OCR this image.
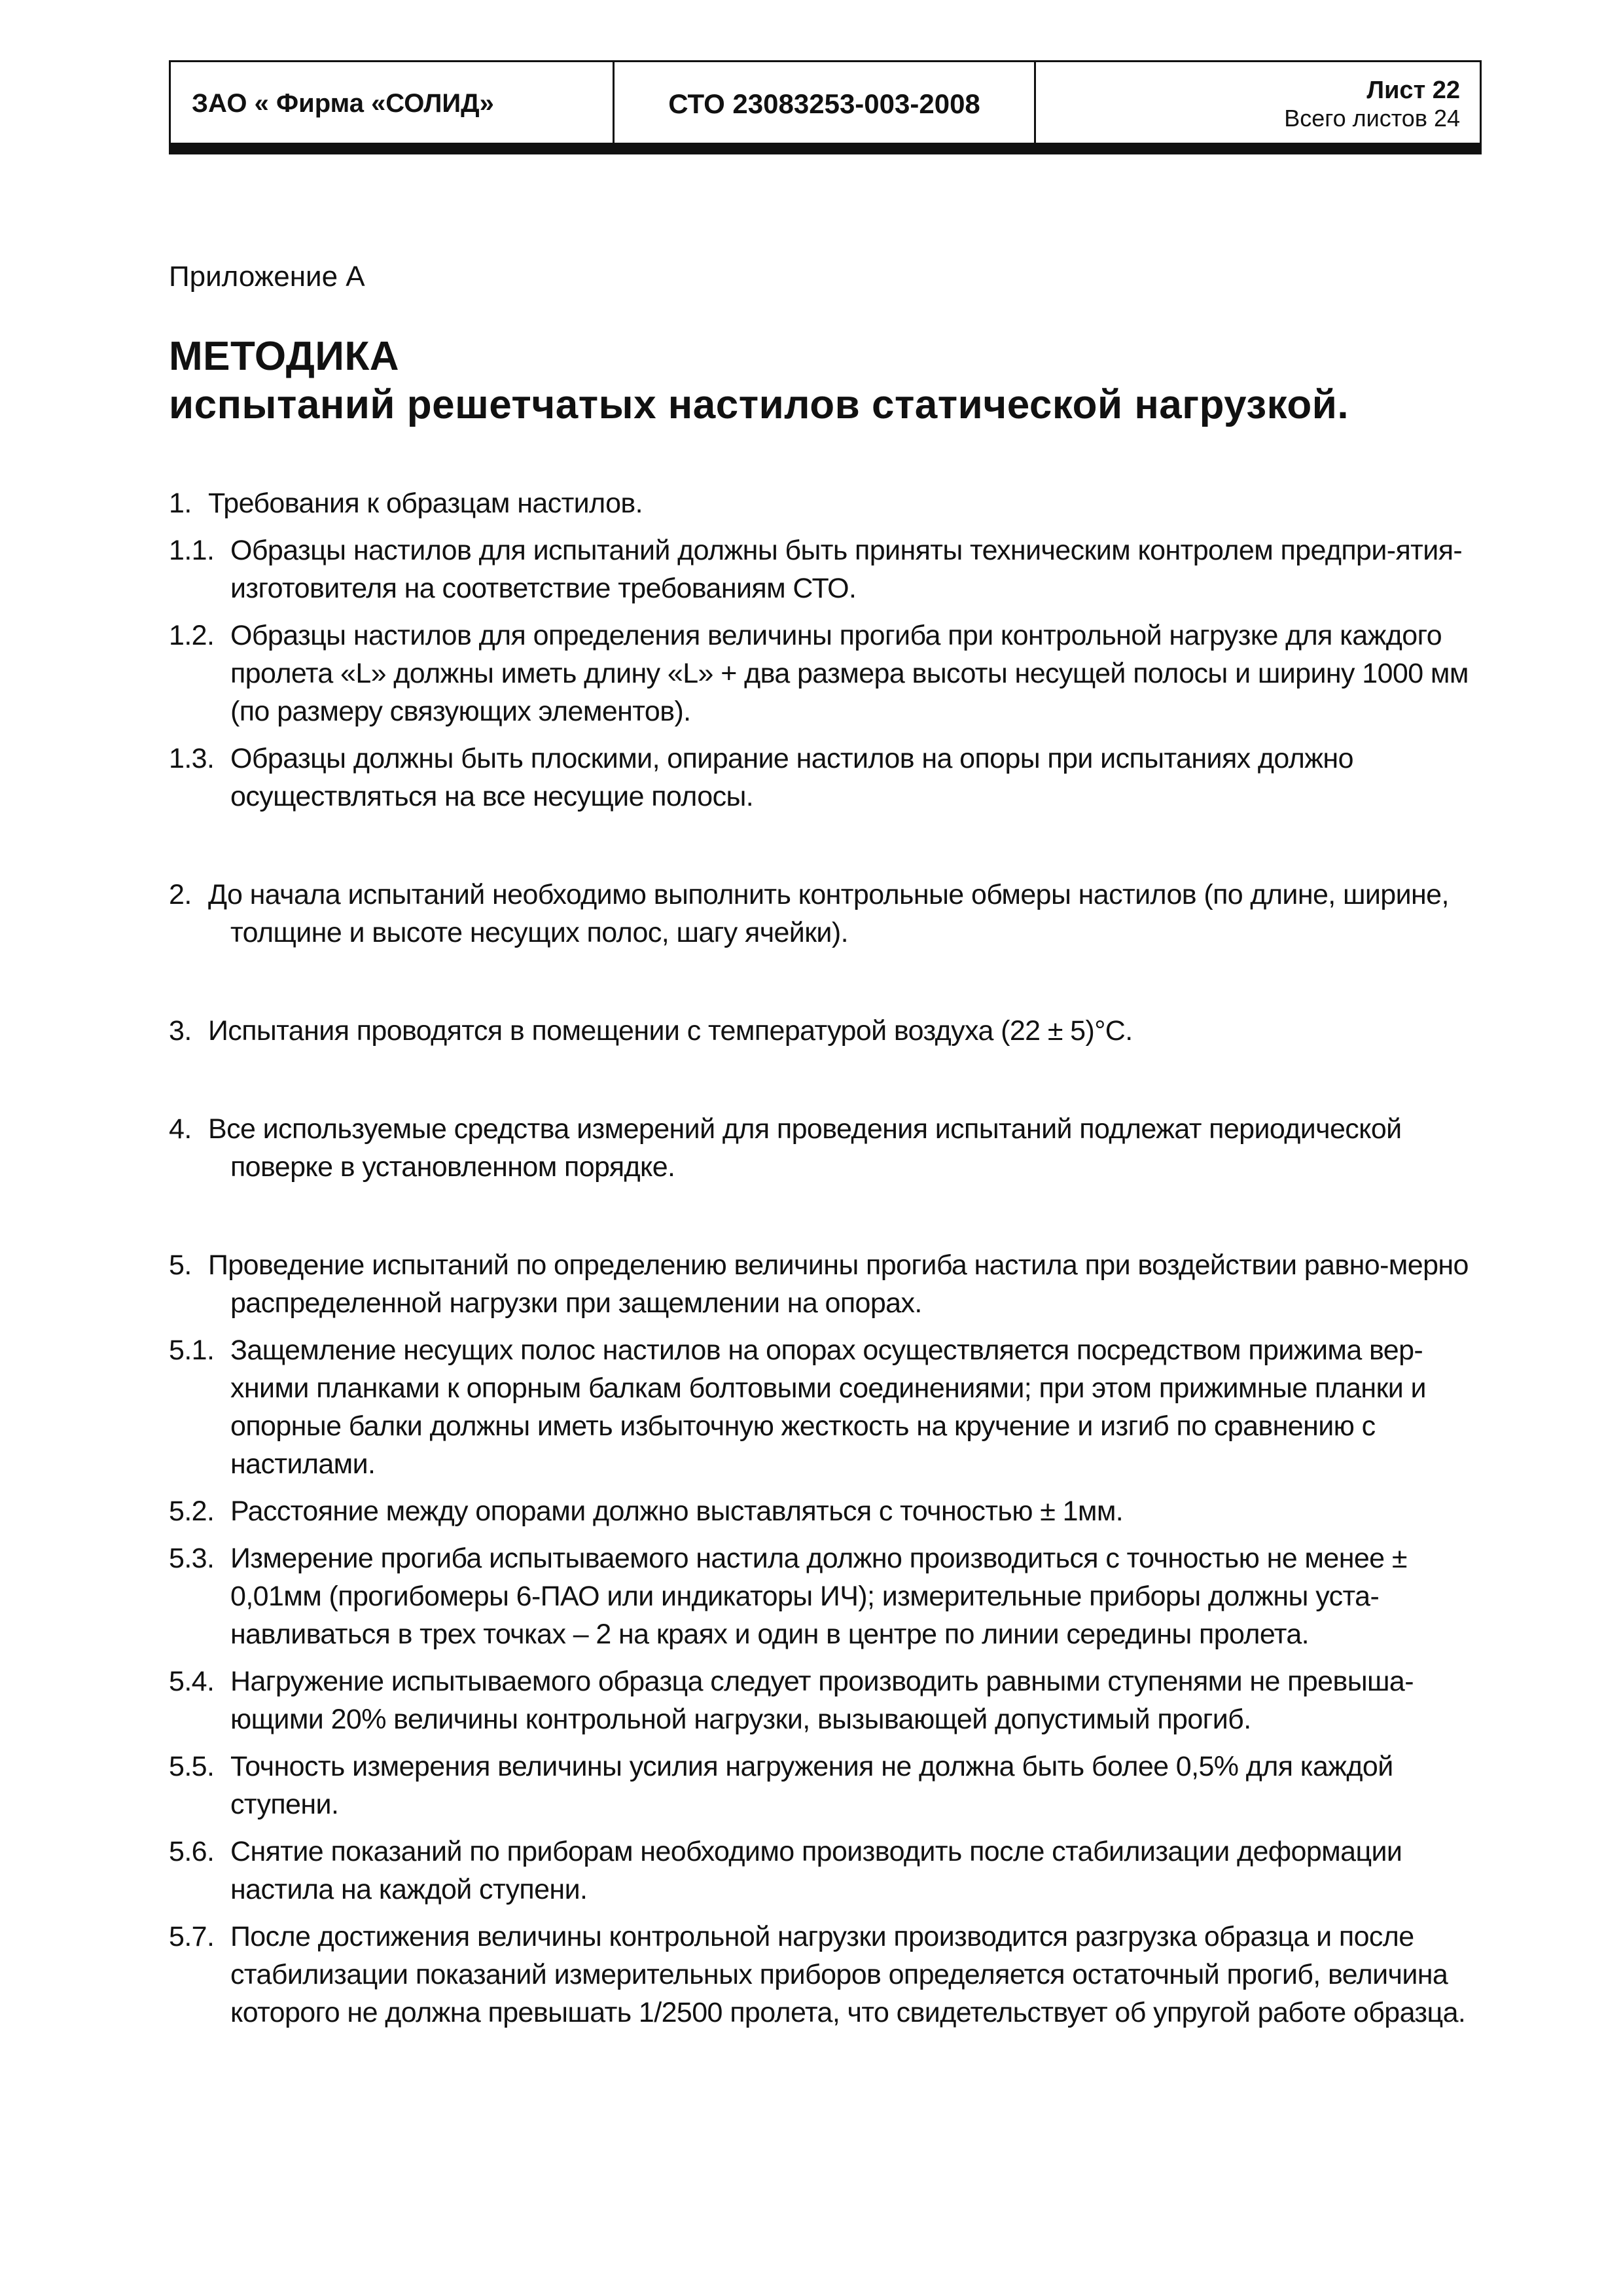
ЗАО « Фирма «СОЛИД»	СТО 23083253-003-2008	Лист 22
Всего листов 24
Приложение А
МЕТОДИКА
испытаний решетчатых настилов статической нагрузкой.
1. Требования к образцам настилов.
1.1. Образцы настилов для испытаний должны быть приняты техническим контролем предпри-ятия-изготовителя на соответствие требованиям СТО.
1.2. Образцы настилов для определения величины прогиба при контрольной нагрузке для каждого пролета «L» должны иметь длину «L» + два размера высоты несущей полосы и ширину 1000 мм (по размеру связующих элементов).
1.3. Образцы должны быть плоскими, опирание настилов на опоры при испытаниях должно осуществляться на все несущие полосы.
2. До начала испытаний необходимо выполнить контрольные обмеры настилов (по длине, ширине, толщине и высоте несущих полос, шагу ячейки).
3. Испытания проводятся в помещении с температурой воздуха (22 ± 5)°С.
4. Все используемые средства измерений для проведения испытаний подлежат периодической поверке в установленном порядке.
5. Проведение испытаний по определению величины прогиба настила при воздействии равно-мерно распределенной нагрузки при защемлении на опорах.
5.1. Защемление несущих полос настилов на опорах осуществляется посредством прижима вер-хними планками к опорным балкам болтовыми соединениями; при этом прижимные планки и опорные балки должны иметь избыточную жесткость на кручение и изгиб по сравнению с настилами.
5.2. Расстояние между опорами должно выставляться с точностью ± 1мм.
5.3. Измерение прогиба испытываемого настила должно производиться с точностью не менее ± 0,01мм (прогибомеры 6-ПАО или индикаторы ИЧ); измерительные приборы должны уста-навливаться в трех точках – 2 на краях и один в центре по линии середины пролета.
5.4. Нагружение испытываемого образца следует производить равными ступенями не превыша-ющими 20% величины контрольной нагрузки, вызывающей допустимый прогиб.
5.5. Точность измерения величины усилия нагружения не должна быть более 0,5% для каждой ступени.
5.6. Снятие показаний по приборам необходимо производить после стабилизации деформации настила на каждой ступени.
5.7. После достижения величины контрольной нагрузки производится разгрузка образца и после стабилизации показаний измерительных приборов определяется остаточный прогиб, величина которого не должна превышать 1/2500 пролета, что свидетельствует об упругой работе образца.
